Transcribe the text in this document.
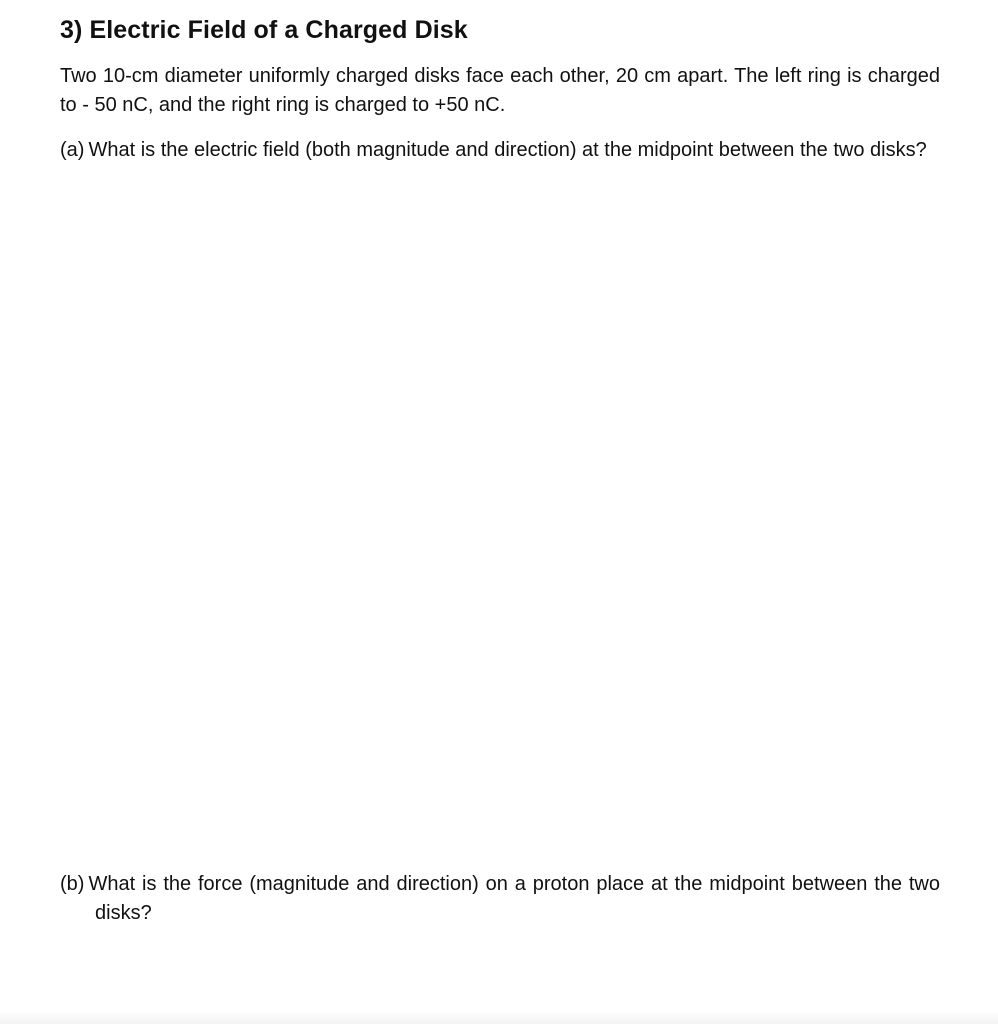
3) Electric Field of a Charged Disk

Two 10-cm diameter uniformly charged disks face each other, 20 cm apart. The left ring is charged to - 50 nC, and the right ring is charged to +50 nC.

(a) What is the electric field (both magnitude and direction) at the midpoint between the two disks?

(b) What is the force (magnitude and direction) on a proton place at the midpoint between the two disks?
